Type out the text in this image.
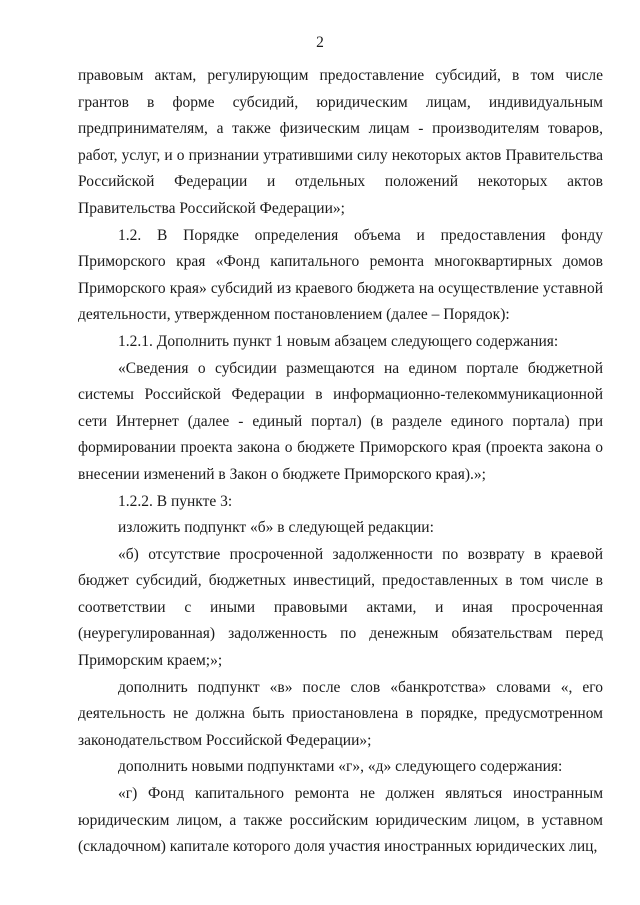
2

правовым актам, регулирующим предоставление субсидий, в том числе грантов в форме субсидий, юридическим лицам, индивидуальным предпринимателям, а также физическим лицам - производителям товаров, работ, услуг, и о признании утратившими силу некоторых актов Правительства Российской Федерации и отдельных положений некоторых актов Правительства Российской Федерации»;

1.2. В Порядке определения объема и предоставления фонду Приморского края «Фонд капитального ремонта многоквартирных домов Приморского края» субсидий из краевого бюджета на осуществление уставной деятельности, утвержденном постановлением (далее – Порядок):

1.2.1. Дополнить пункт 1 новым абзацем следующего содержания:

«Сведения о субсидии размещаются на едином портале бюджетной системы Российской Федерации в информационно-телекоммуникационной сети Интернет (далее - единый портал) (в разделе единого портала) при формировании проекта закона о бюджете Приморского края (проекта закона о внесении изменений в Закон о бюджете Приморского края).»;

1.2.2. В пункте 3:

изложить подпункт «б» в следующей редакции:

«б) отсутствие просроченной задолженности по возврату в краевой бюджет субсидий, бюджетных инвестиций, предоставленных в том числе в соответствии с иными правовыми актами, и иная просроченная (неурегулированная) задолженность по денежным обязательствам перед Приморским краем;»;

дополнить подпункт «в» после слов «банкротства» словами «, его деятельность не должна быть приостановлена в порядке, предусмотренном законодательством Российской Федерации»;

дополнить новыми подпунктами «г», «д» следующего содержания:

«г) Фонд капитального ремонта не должен являться иностранным юридическим лицом, а также российским юридическим лицом, в уставном (складочном) капитале которого доля участия иностранных юридических лиц,
